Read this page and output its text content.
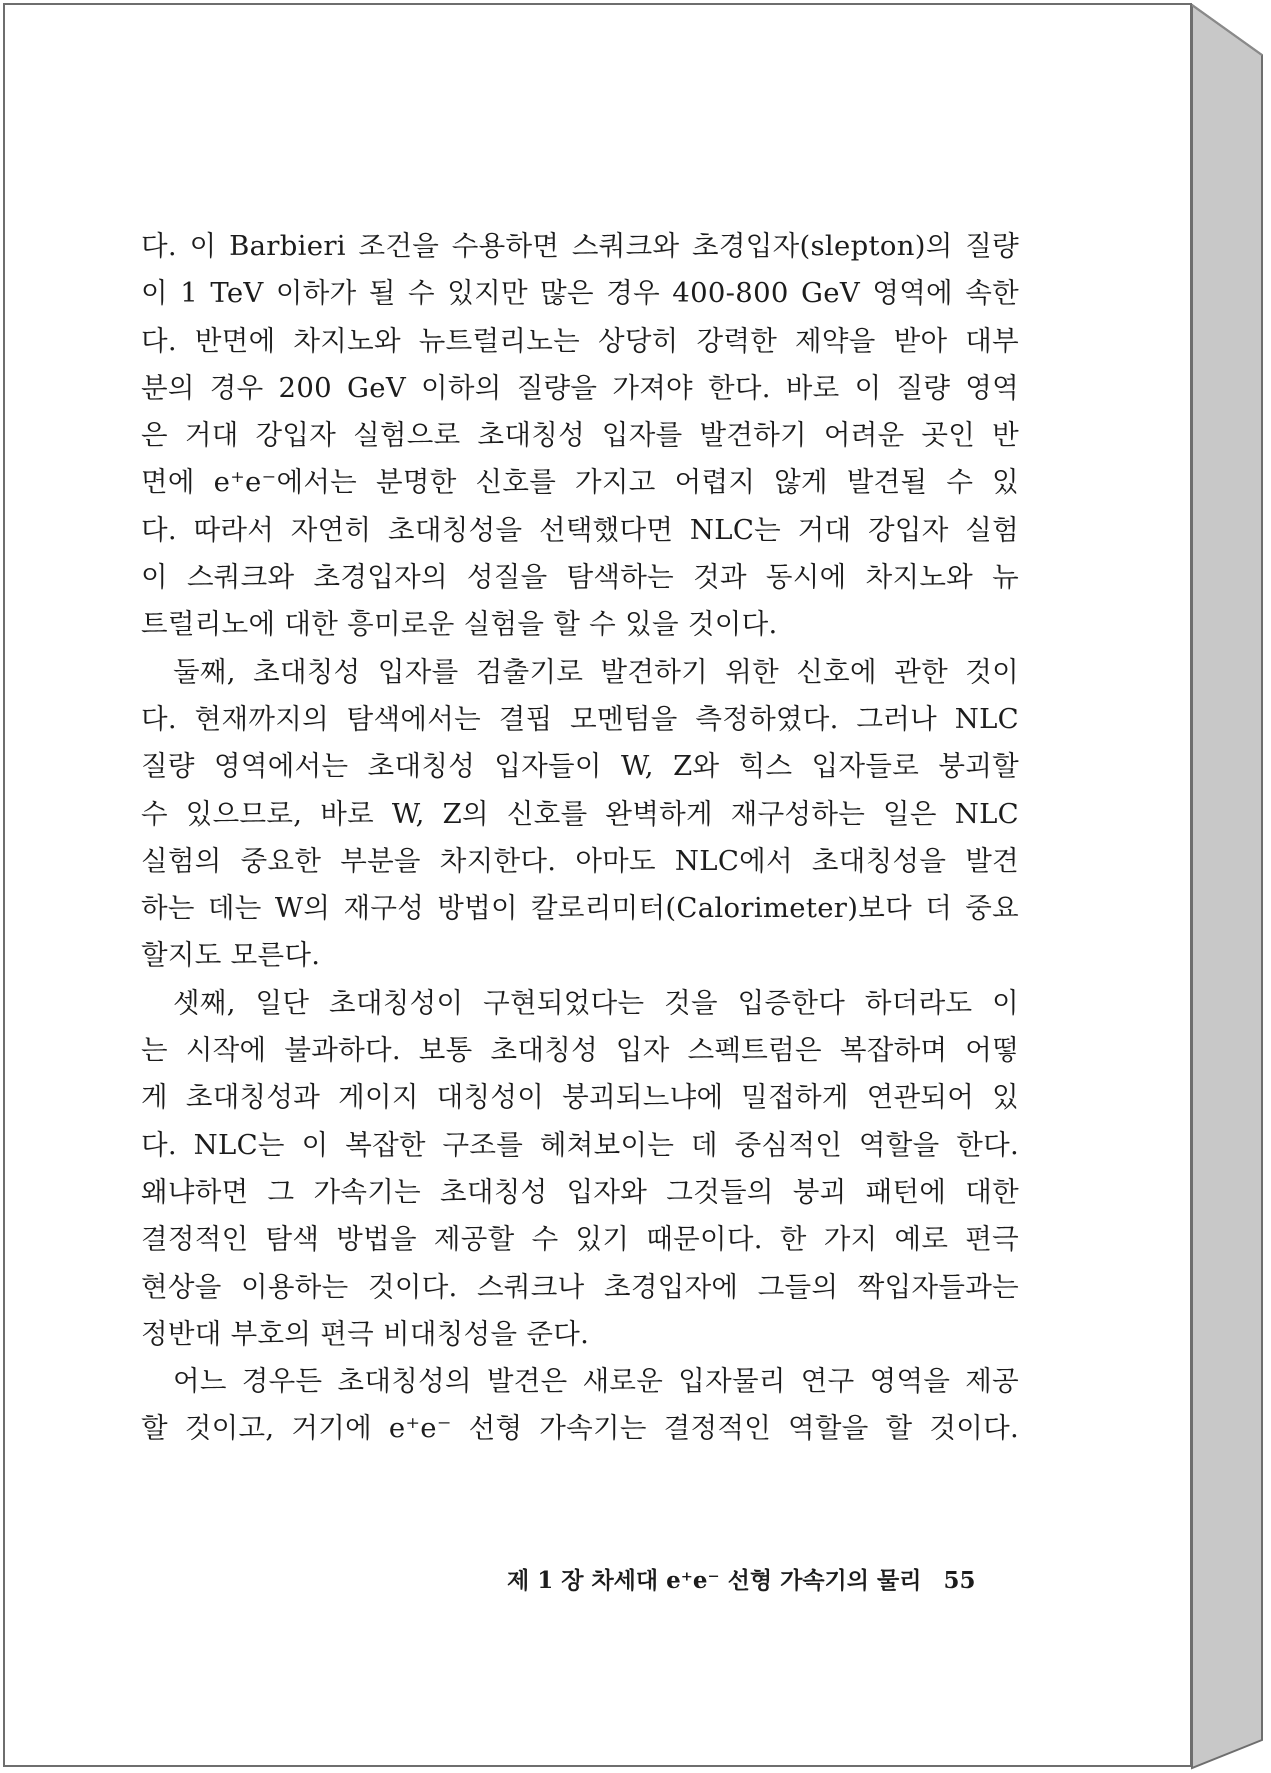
다. 이 Barbieri 조건을 수용하면 스쿼크와 초경입자(slepton)의 질량
이 1 TeV 이하가 될 수 있지만 많은 경우 400-800 GeV 영역에 속한
다. 반면에 차지노와 뉴트럴리노는 상당히 강력한 제약을 받아 대부
분의 경우 200 GeV 이하의 질량을 가져야 한다. 바로 이 질량 영역
은 거대 강입자 실험으로 초대칭성 입자를 발견하기 어려운 곳인 반
면에 e⁺e⁻에서는 분명한 신호를 가지고 어렵지 않게 발견될 수 있
다. 따라서 자연히 초대칭성을 선택했다면 NLC는 거대 강입자 실험
이 스쿼크와 초경입자의 성질을 탐색하는 것과 동시에 차지노와 뉴
트럴리노에 대한 흥미로운 실험을 할 수 있을 것이다.
둘째, 초대칭성 입자를 검출기로 발견하기 위한 신호에 관한 것이
다. 현재까지의 탐색에서는 결핍 모멘텀을 측정하였다. 그러나 NLC
질량 영역에서는 초대칭성 입자들이 W, Z와 힉스 입자들로 붕괴할
수 있으므로, 바로 W, Z의 신호를 완벽하게 재구성하는 일은 NLC
실험의 중요한 부분을 차지한다. 아마도 NLC에서 초대칭성을 발견
하는 데는 W의 재구성 방법이 칼로리미터(Calorimeter)보다 더 중요
할지도 모른다.
셋째, 일단 초대칭성이 구현되었다는 것을 입증한다 하더라도 이
는 시작에 불과하다. 보통 초대칭성 입자 스펙트럼은 복잡하며 어떻
게 초대칭성과 게이지 대칭성이 붕괴되느냐에 밀접하게 연관되어 있
다. NLC는 이 복잡한 구조를 헤쳐보이는 데 중심적인 역할을 한다.
왜냐하면 그 가속기는 초대칭성 입자와 그것들의 붕괴 패턴에 대한
결정적인 탐색 방법을 제공할 수 있기 때문이다. 한 가지 예로 편극
현상을 이용하는 것이다. 스쿼크나 초경입자에 그들의 짝입자들과는
정반대 부호의 편극 비대칭성을 준다.
어느 경우든 초대칭성의 발견은 새로운 입자물리 연구 영역을 제공
할 것이고, 거기에 e⁺e⁻ 선형 가속기는 결정적인 역할을 할 것이다.
제 1 장 차세대 e⁺e⁻ 선형 가속기의 물리 55
